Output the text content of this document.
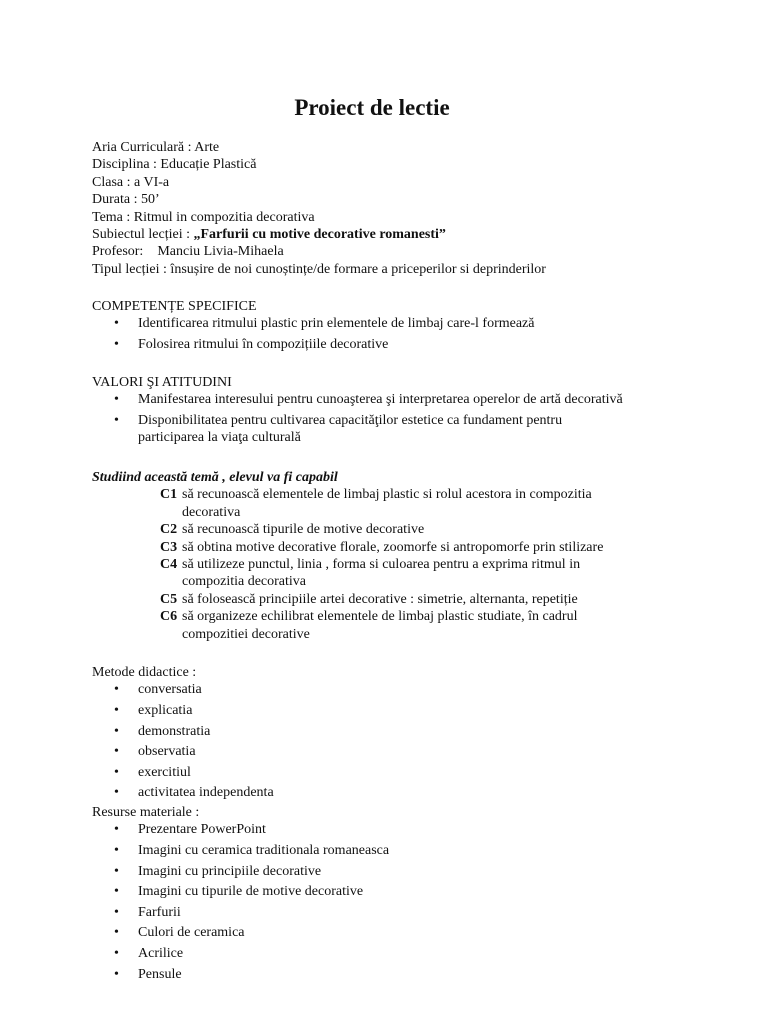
Proiect de lectie
Aria Curriculară : Arte
Disciplina : Educație Plastică
Clasa : a VI-a
Durata : 50’
Tema : Ritmul in compozitia decorativa
Subiectul lecției : „Farfurii cu motive decorative romanesti”
Profesor:    Manciu Livia-Mihaela
Tipul lecției : însușire de noi cunoștințe/de formare a priceperilor si deprinderilor
COMPETENȚE SPECIFICE
• Identificarea ritmului plastic prin elementele de limbaj care-l formează
• Folosirea ritmului în compozițiile decorative
VALORI ŞI ATITUDINI
• Manifestarea interesului pentru cunoaşterea şi interpretarea operelor de artă decorativă
• Disponibilitatea pentru cultivarea capacităţilor estetice ca fundament pentru
participarea la viaţa culturală
Studiind această temă , elevul va fi capabil
C1 să recunoască elementele de limbaj plastic si rolul acestora in compozitia
decorativa
C2 să recunoască tipurile de motive decorative
C3 să obtina motive decorative florale, zoomorfe si antropomorfe prin stilizare
C4 să utilizeze punctul, linia , forma si culoarea pentru a exprima ritmul in
compozitia decorativa
C5 să folosească principiile artei decorative : simetrie, alternanta, repetiție
C6 să organizeze echilibrat elementele de limbaj plastic studiate, în cadrul
compozitiei decorative
Metode didactice :
• conversatia
• explicatia
• demonstratia
• observatia
• exercitiul
• activitatea independenta
Resurse materiale :
• Prezentare PowerPoint
• Imagini cu ceramica traditionala romaneasca
• Imagini cu principiile decorative
• Imagini cu tipurile de motive decorative
• Farfurii
• Culori de ceramica
• Acrilice
• Pensule
